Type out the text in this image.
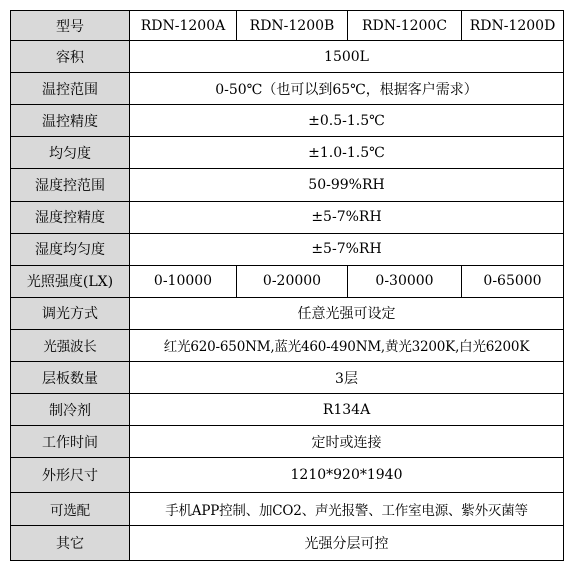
型号	RDN-1200A	RDN-1200B	RDN-1200C	RDN-1200D
容积	1500L			
温控范围	0-50℃（也可以到65℃，根据客户需求）			
温控精度	±0.5-1.5℃			
均匀度	±1.0-1.5℃			
湿度控范围	50-99%RH			
湿度控精度	±5-7%RH			
湿度均匀度	±5-7%RH			
光照强度(LX)	0-10000	0-20000	0-30000	0-65000
调光方式	任意光强可设定			
光强波长	红光620-650NM,蓝光460-490NM,黄光3200K,白光6200K			
层板数量	3层			
制冷剂	R134A			
工作时间	定时或连接			
外形尺寸	1210*920*1940			
可选配	手机APP控制、加CO2、声光报警、工作室电源、紫外灭菌等			
其它	光强分层可控			
